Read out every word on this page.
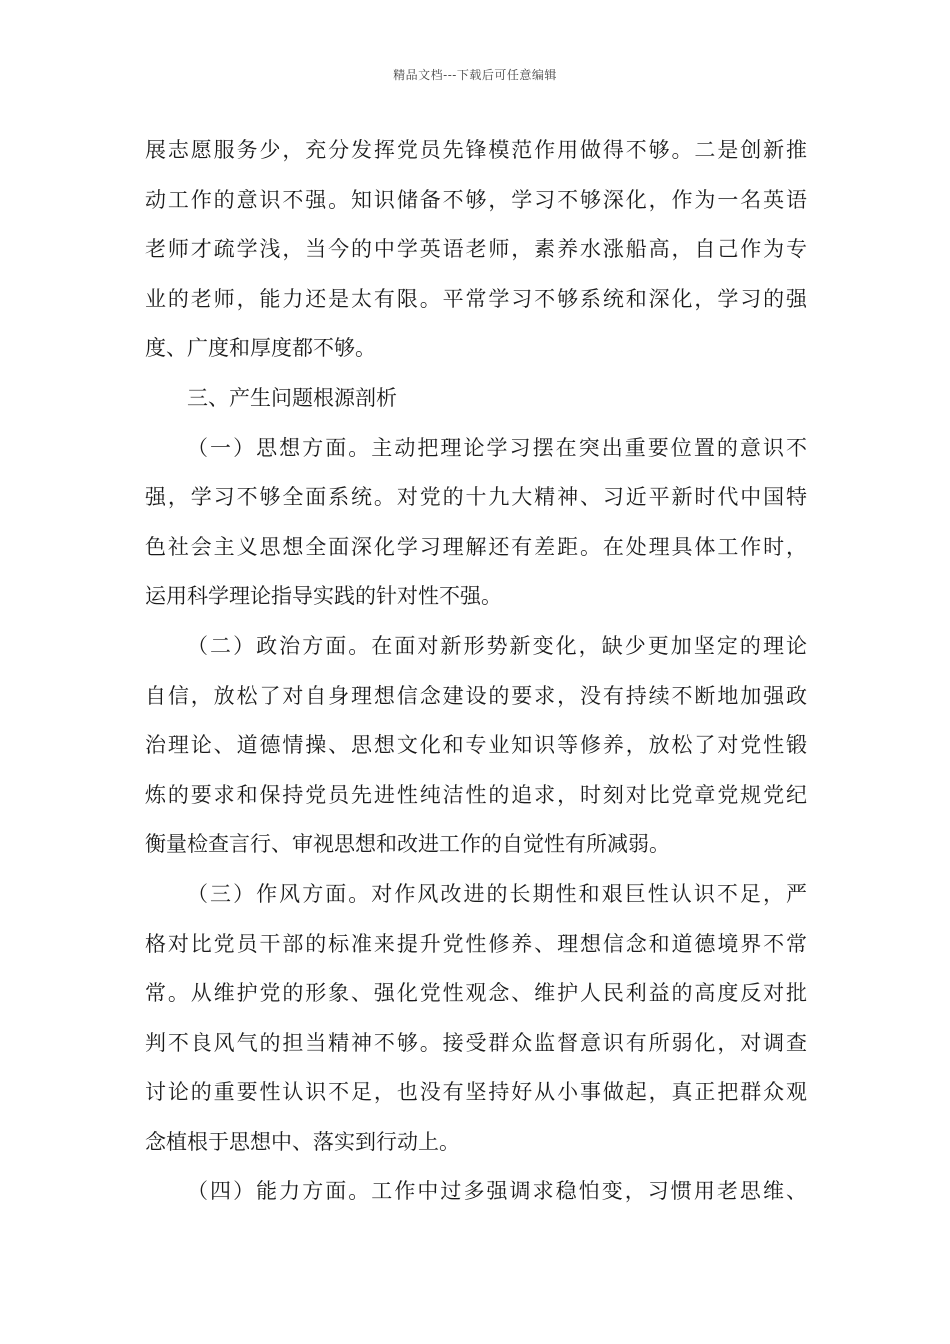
精品文档---下载后可任意编辑
展志愿服务少，充分发挥党员先锋模范作用做得不够。二是创新推
动工作的意识不强。知识储备不够，学习不够深化，作为一名英语
老师才疏学浅，当今的中学英语老师，素养水涨船高，自己作为专
业的老师，能力还是太有限。平常学习不够系统和深化，学习的强
度、广度和厚度都不够。
三、产生问题根源剖析
（一）思想方面。主动把理论学习摆在突出重要位置的意识不
强，学习不够全面系统。对党的十九大精神、习近平新时代中国特
色社会主义思想全面深化学习理解还有差距。在处理具体工作时，
运用科学理论指导实践的针对性不强。
（二）政治方面。在面对新形势新变化，缺少更加坚定的理论
自信，放松了对自身理想信念建设的要求，没有持续不断地加强政
治理论、道德情操、思想文化和专业知识等修养，放松了对党性锻
炼的要求和保持党员先进性纯洁性的追求，时刻对比党章党规党纪
衡量检查言行、审视思想和改进工作的自觉性有所减弱。
（三）作风方面。对作风改进的长期性和艰巨性认识不足，严
格对比党员干部的标准来提升党性修养、理想信念和道德境界不常
常。从维护党的形象、强化党性观念、维护人民利益的高度反对批
判不良风气的担当精神不够。接受群众监督意识有所弱化，对调查
讨论的重要性认识不足，也没有坚持好从小事做起，真正把群众观
念植根于思想中、落实到行动上。
（四）能力方面。工作中过多强调求稳怕变，习惯用老思维、
